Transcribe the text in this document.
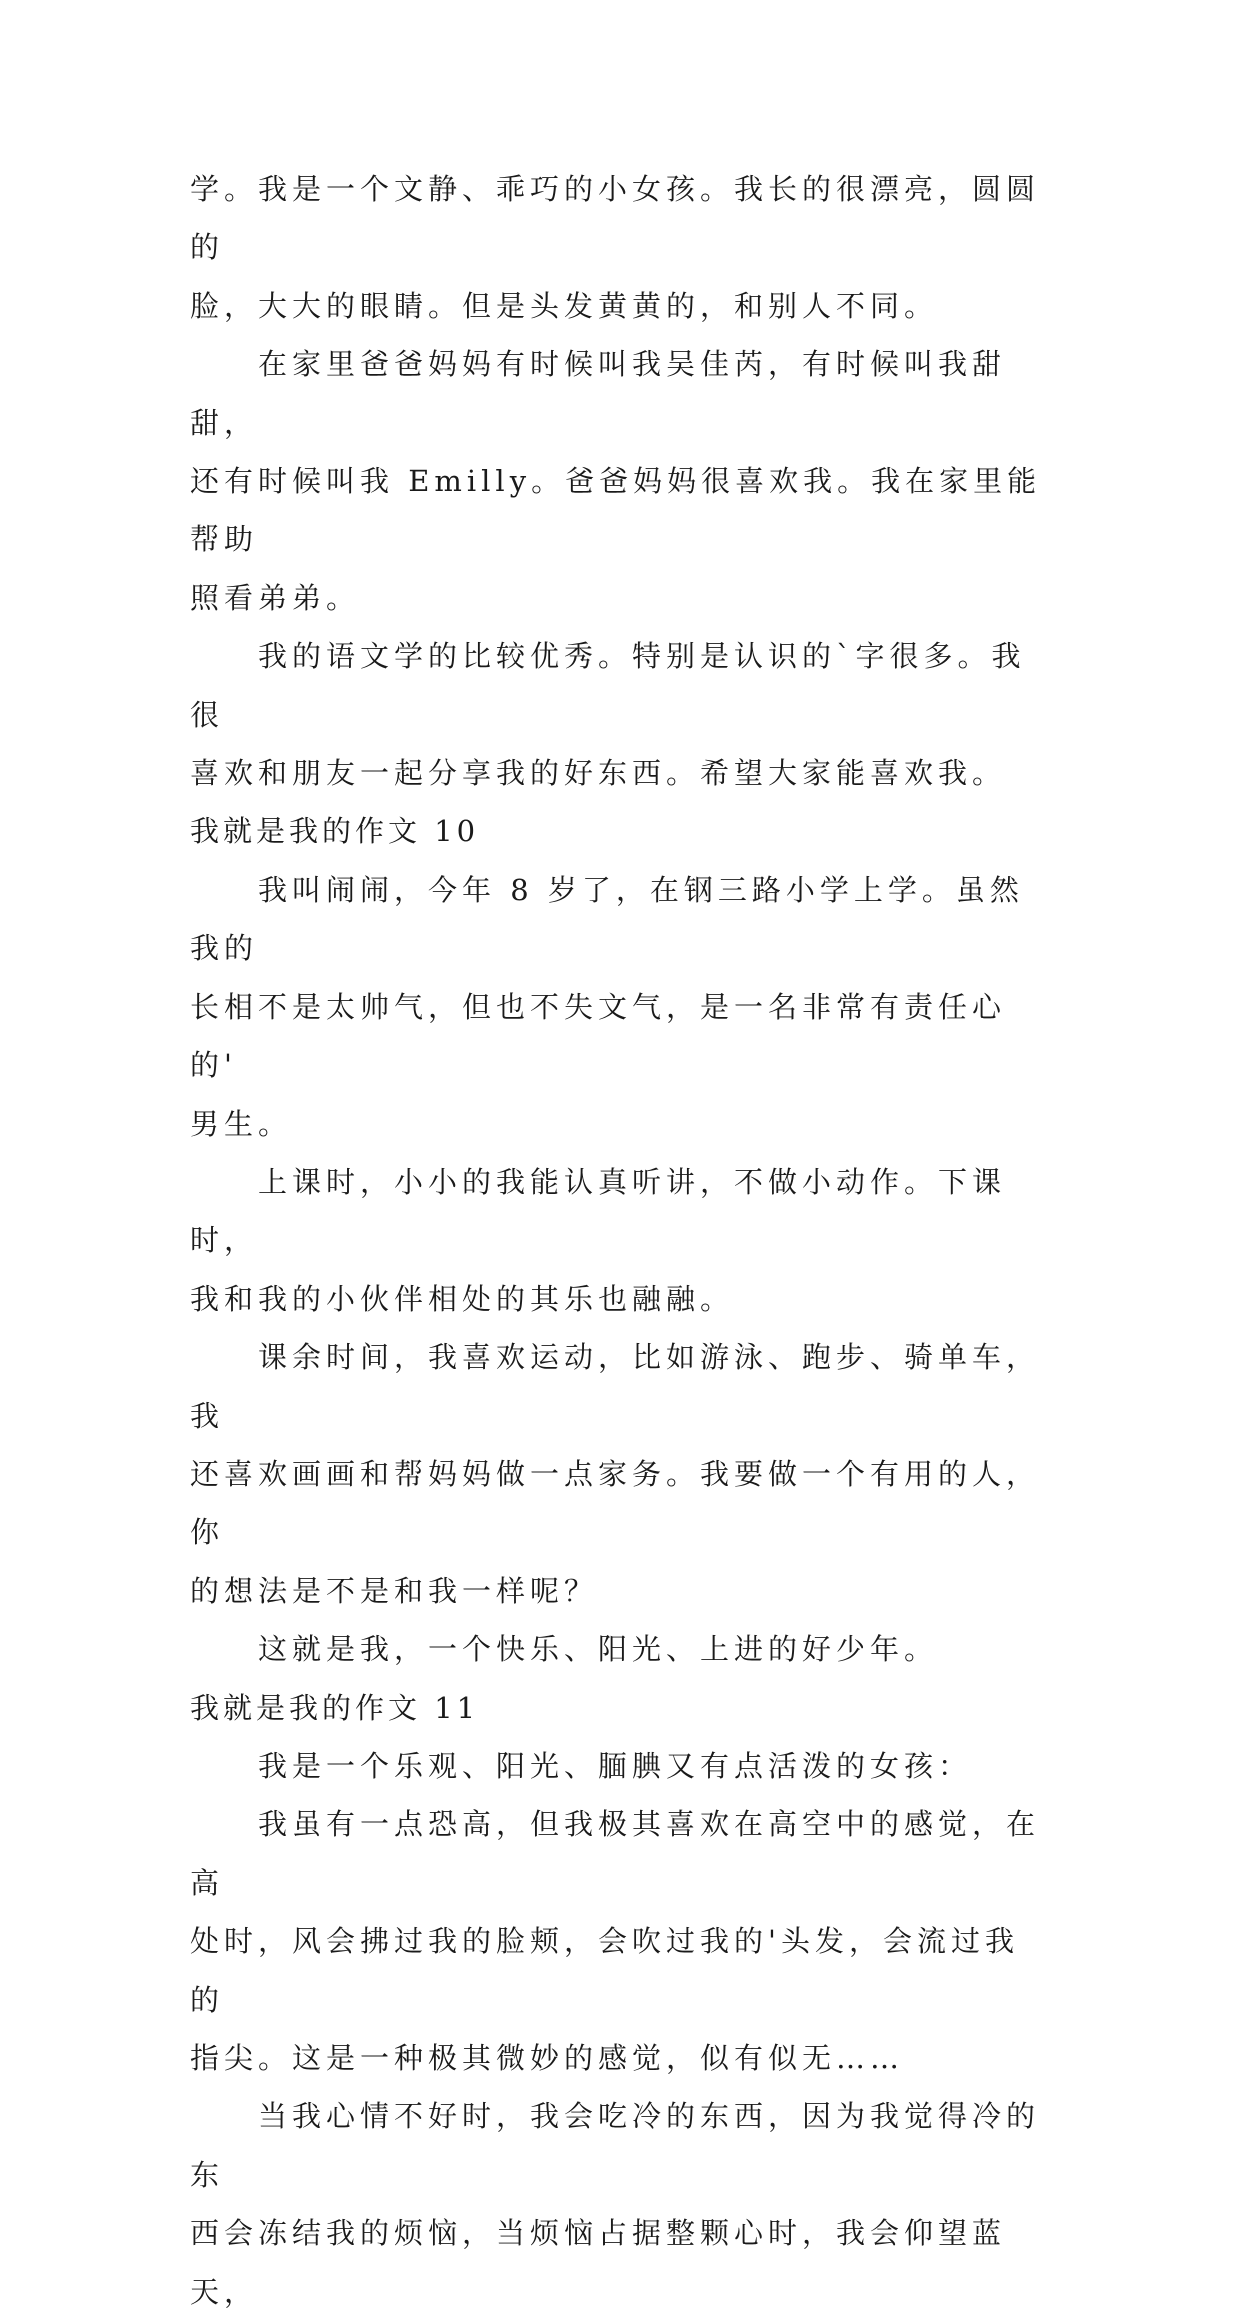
学。我是一个文静、乖巧的小女孩。我长的很漂亮，圆圆的
脸，大大的眼睛。但是头发黄黄的，和别人不同。

在家里爸爸妈妈有时候叫我吴佳芮，有时候叫我甜甜，
还有时候叫我 Emilly。爸爸妈妈很喜欢我。我在家里能帮助
照看弟弟。

我的语文学的比较优秀。特别是认识的`字很多。我很
喜欢和朋友一起分享我的好东西。希望大家能喜欢我。

我就是我的作文 10

我叫闹闹，今年 8 岁了，在钢三路小学上学。虽然我的
长相不是太帅气，但也不失文气，是一名非常有责任心的'
男生。

上课时，小小的我能认真听讲，不做小动作。下课时，
我和我的小伙伴相处的其乐也融融。

课余时间，我喜欢运动，比如游泳、跑步、骑单车，我
还喜欢画画和帮妈妈做一点家务。我要做一个有用的人，你
的想法是不是和我一样呢？

这就是我，一个快乐、阳光、上进的好少年。

我就是我的作文 11

我是一个乐观、阳光、腼腆又有点活泼的女孩：

我虽有一点恐高，但我极其喜欢在高空中的感觉，在高
处时，风会拂过我的脸颊，会吹过我的'头发，会流过我的
指尖。这是一种极其微妙的感觉，似有似无……

当我心情不好时，我会吃冷的东西，因为我觉得冷的东
西会冻结我的烦恼，当烦恼占据整颗心时，我会仰望蓝天，
